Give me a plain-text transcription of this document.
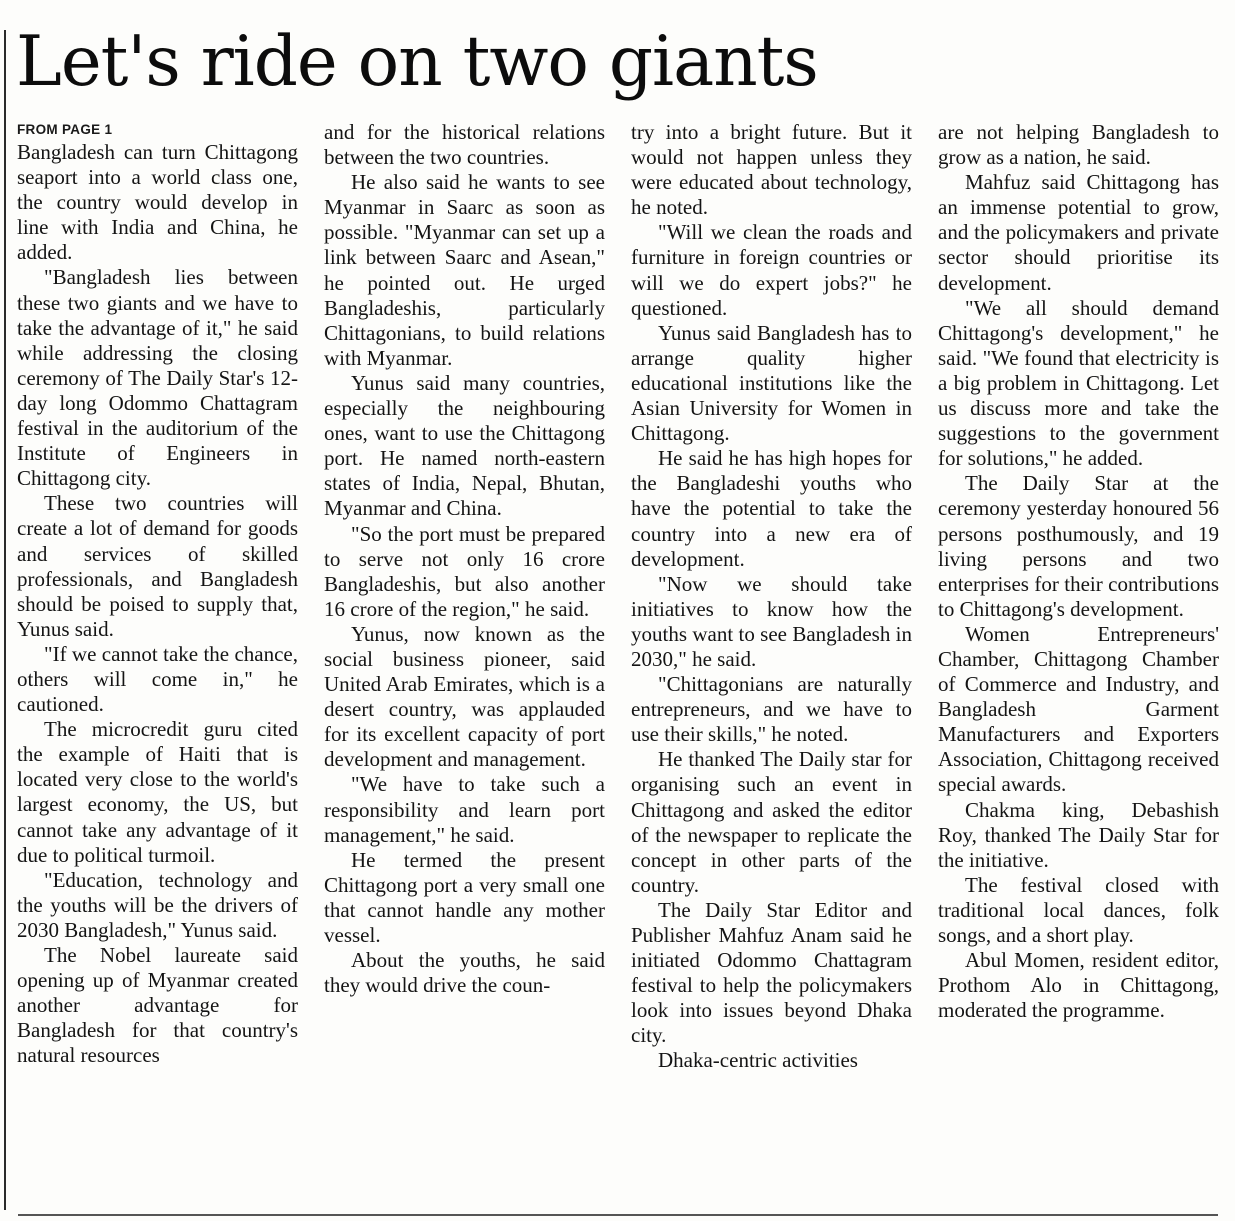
Let's ride on two giants
FROM PAGE 1

Bangladesh can turn Chittagong seaport into a world class one, the country would develop in line with India and China, he added.

"Bangladesh lies between these two giants and we have to take the advantage of it," he said while addressing the closing ceremony of The Daily Star's 12-day long Odommo Chattagram festival in the auditorium of the Institute of Engineers in Chittagong city.

These two countries will create a lot of demand for goods and services of skilled professionals, and Bangladesh should be poised to supply that, Yunus said.

"If we cannot take the chance, others will come in," he cautioned.

The microcredit guru cited the example of Haiti that is located very close to the world's largest economy, the US, but cannot take any advantage of it due to political turmoil.

"Education, technology and the youths will be the drivers of 2030 Bangladesh," Yunus said.

The Nobel laureate said opening up of Myanmar created another advantage for Bangladesh for that country's natural resources

and for the historical relations between the two countries.

He also said he wants to see Myanmar in Saarc as soon as possible. "Myanmar can set up a link between Saarc and Asean," he pointed out. He urged Bangladeshis, particularly Chittagonians, to build relations with Myanmar.

Yunus said many countries, especially the neighbouring ones, want to use the Chittagong port. He named north-eastern states of India, Nepal, Bhutan, Myanmar and China.

"So the port must be prepared to serve not only 16 crore Bangladeshis, but also another 16 crore of the region," he said.

Yunus, now known as the social business pioneer, said United Arab Emirates, which is a desert country, was applauded for its excellent capacity of port development and management.

"We have to take such a responsibility and learn port management," he said.

He termed the present Chittagong port a very small one that cannot handle any mother vessel.

About the youths, he said they would drive the coun-

try into a bright future. But it would not happen unless they were educated about technology, he noted.

"Will we clean the roads and furniture in foreign countries or will we do expert jobs?" he questioned.

Yunus said Bangladesh has to arrange quality higher educational institutions like the Asian University for Women in Chittagong.

He said he has high hopes for the Bangladeshi youths who have the potential to take the country into a new era of development.

"Now we should take initiatives to know how the youths want to see Bangladesh in 2030," he said.

"Chittagonians are naturally entrepreneurs, and we have to use their skills," he noted.

He thanked The Daily star for organising such an event in Chittagong and asked the editor of the newspaper to replicate the concept in other parts of the country.

The Daily Star Editor and Publisher Mahfuz Anam said he initiated Odommo Chattagram festival to help the policymakers look into issues beyond Dhaka city.

Dhaka-centric activities

are not helping Bangladesh to grow as a nation, he said.

Mahfuz said Chittagong has an immense potential to grow, and the policymakers and private sector should prioritise its development.

"We all should demand Chittagong's development," he said. "We found that electricity is a big problem in Chittagong. Let us discuss more and take the suggestions to the government for solutions," he added.

The Daily Star at the ceremony yesterday honoured 56 persons posthumously, and 19 living persons and two enterprises for their contributions to Chittagong's development.

Women Entrepreneurs' Chamber, Chittagong Chamber of Commerce and Industry, and Bangladesh Garment Manufacturers and Exporters Association, Chittagong received special awards.

Chakma king, Debashish Roy, thanked The Daily Star for the initiative.

The festival closed with traditional local dances, folk songs, and a short play.

Abul Momen, resident editor, Prothom Alo in Chittagong, moderated the programme.
